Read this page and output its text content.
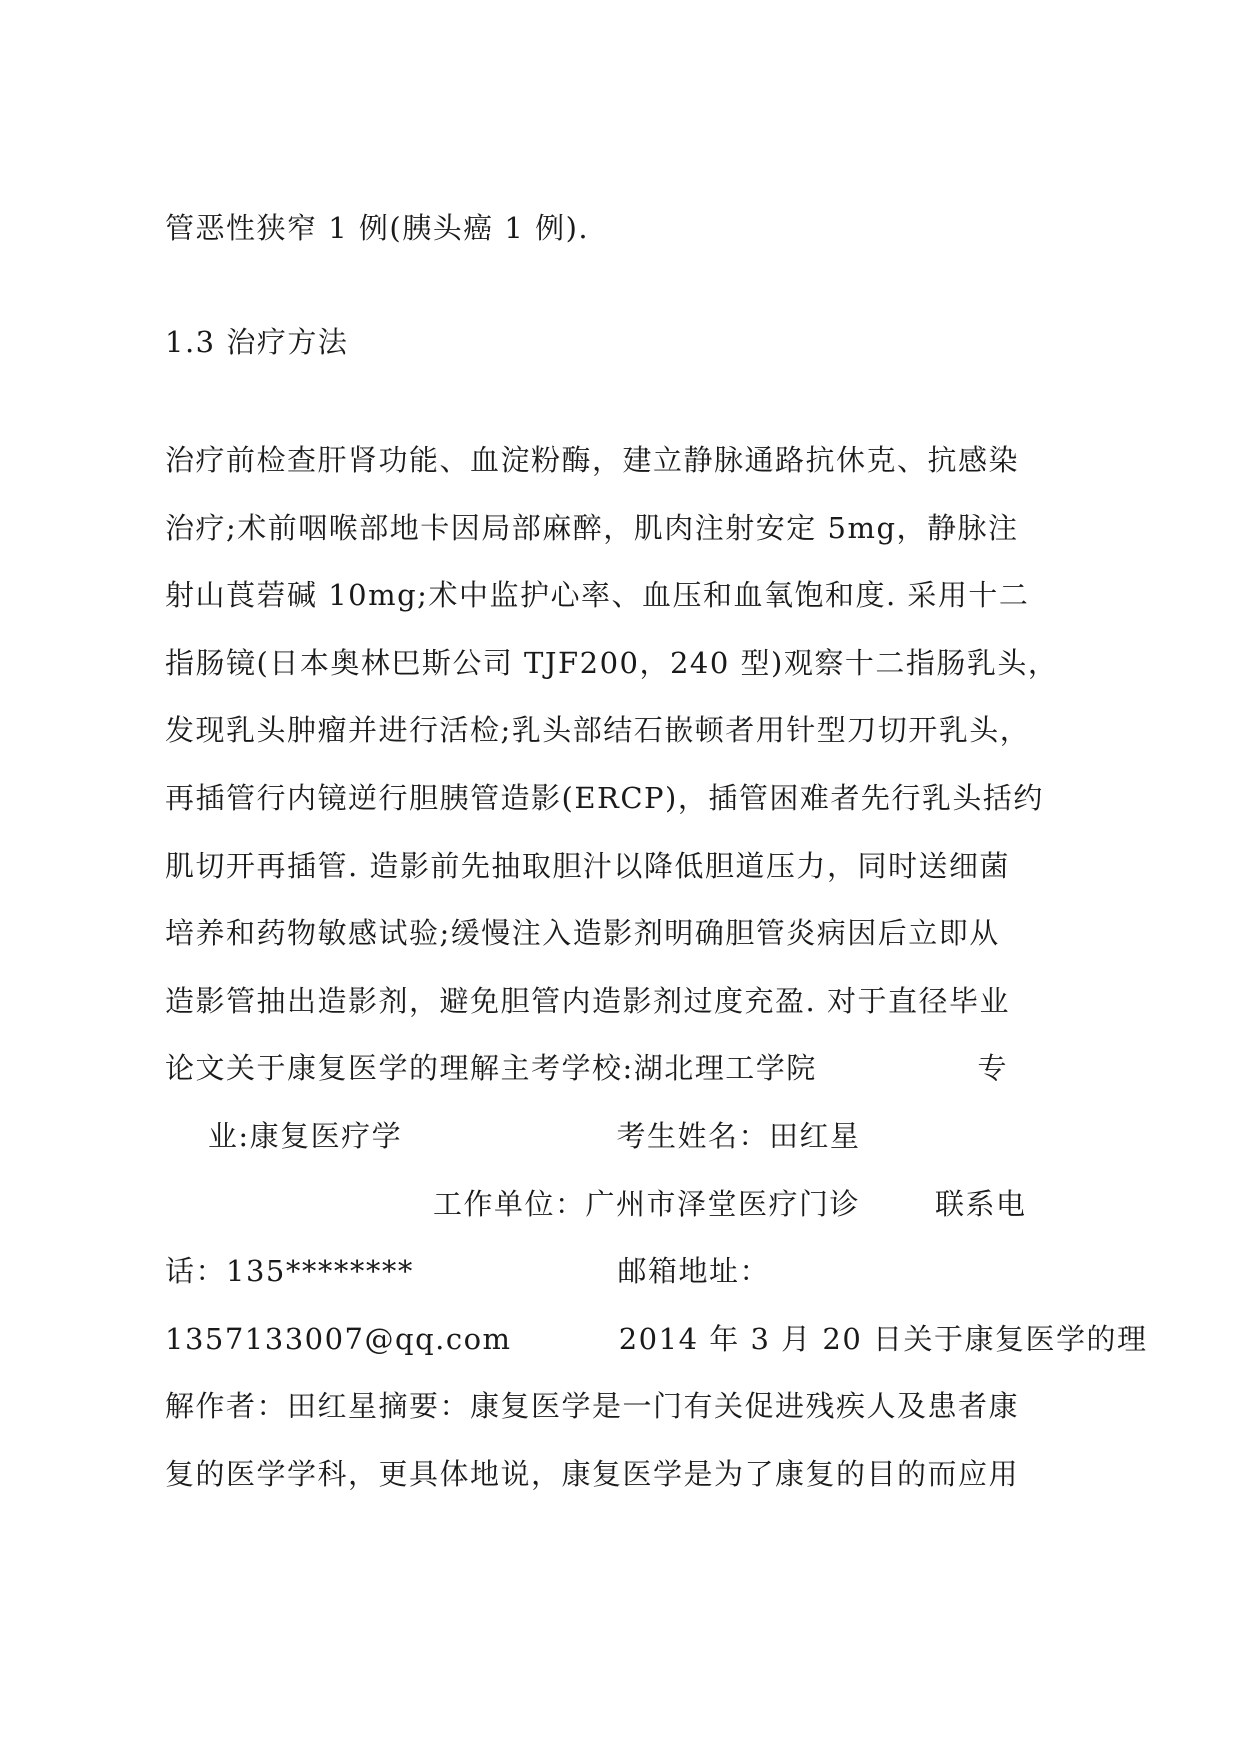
管恶性狭窄 1 例(胰头癌 1 例).
1.3 治疗方法
治疗前检查肝肾功能、血淀粉酶，建立静脉通路抗休克、抗感染
治疗;术前咽喉部地卡因局部麻醉，肌肉注射安定 5mg，静脉注
射山莨菪碱 10mg;术中监护心率、血压和血氧饱和度. 采用十二
指肠镜(日本奥林巴斯公司 TJF200，240 型)观察十二指肠乳头，
发现乳头肿瘤并进行活检;乳头部结石嵌顿者用针型刀切开乳头，
再插管行内镜逆行胆胰管造影(ERCP)，插管困难者先行乳头括约
肌切开再插管. 造影前先抽取胆汁以降低胆道压力，同时送细菌
培养和药物敏感试验;缓慢注入造影剂明确胆管炎病因后立即从
造影管抽出造影剂，避免胆管内造影剂过度充盈. 对于直径毕业
论文关于康复医学的理解主考学校:湖北理工学院               专
业:康复医疗学                    考生姓名：田红星
工作单位：广州市泽堂医疗门诊       联系电
话：135********                   邮箱地址：
1357133007@qq.com          2014 年 3 月 20 日关于康复医学的理
解作者：田红星摘要：康复医学是一门有关促进残疾人及患者康
复的医学学科，更具体地说，康复医学是为了康复的目的而应用
